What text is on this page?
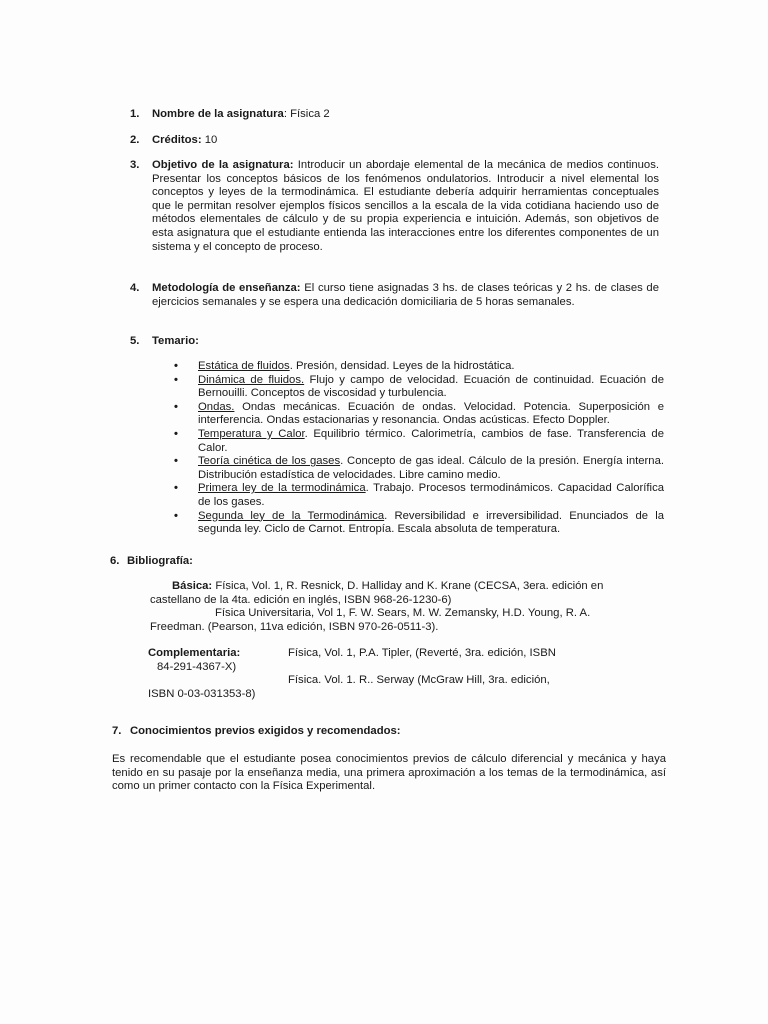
1. Nombre de la asignatura: Física 2
2. Créditos: 10
3. Objetivo de la asignatura: Introducir un abordaje elemental de la mecánica de medios continuos. Presentar los conceptos básicos de los fenómenos ondulatorios. Introducir a nivel elemental los conceptos y leyes de la termodinámica. El estudiante debería adquirir herramientas conceptuales que le permitan resolver ejemplos físicos sencillos a la escala de la vida cotidiana haciendo uso de métodos elementales de cálculo y de su propia experiencia e intuición. Además, son objetivos de esta asignatura que el estudiante entienda las interacciones entre los diferentes componentes de un sistema y el concepto de proceso.
4. Metodología de enseñanza: El curso tiene asignadas 3 hs. de clases teóricas y 2 hs. de clases de ejercicios semanales y se espera una dedicación domiciliaria de 5 horas semanales.
5. Temario:
• Estática de fluidos. Presión, densidad. Leyes de la hidrostática.
• Dinámica de fluidos. Flujo y campo de velocidad. Ecuación de continuidad. Ecuación de Bernouilli. Conceptos de viscosidad y turbulencia.
• Ondas. Ondas mecánicas. Ecuación de ondas. Velocidad. Potencia. Superposición e interferencia. Ondas estacionarias y resonancia. Ondas acústicas. Efecto Doppler.
• Temperatura y Calor. Equilibrio térmico. Calorimetría, cambios de fase. Transferencia de Calor.
• Teoría cinética de los gases. Concepto de gas ideal. Cálculo de la presión. Energía interna. Distribución estadística de velocidades. Libre camino medio.
• Primera ley de la termodinámica. Trabajo. Procesos termodinámicos. Capacidad Calorífica de los gases.
• Segunda ley de la Termodinámica. Reversibilidad e irreversibilidad. Enunciados de la segunda ley. Ciclo de Carnot. Entropía. Escala absoluta de temperatura.
6. Bibliografía:
Básica: Física, Vol. 1, R. Resnick, D. Halliday and K. Krane (CECSA, 3era. edición en
castellano de la 4ta. edición en inglés, ISBN 968-26-1230-6)
Física Universitaria, Vol 1, F. W. Sears, M. W. Zemansky, H.D. Young, R. A.
Freedman. (Pearson, 11va edición, ISBN 970-26-0511-3).
Complementaria:	Física, Vol. 1, P.A. Tipler, (Reverté, 3ra. edición, ISBN
84-291-4367-X)
Física. Vol. 1. R.. Serway (McGraw Hill, 3ra. edición,
ISBN 0-03-031353-8)
7. Conocimientos previos exigidos y recomendados:
Es recomendable que el estudiante posea conocimientos previos de cálculo diferencial y mecánica y haya tenido en su pasaje por la enseñanza media, una primera aproximación a los temas de la termodinámica, así como un primer contacto con la Física Experimental.
